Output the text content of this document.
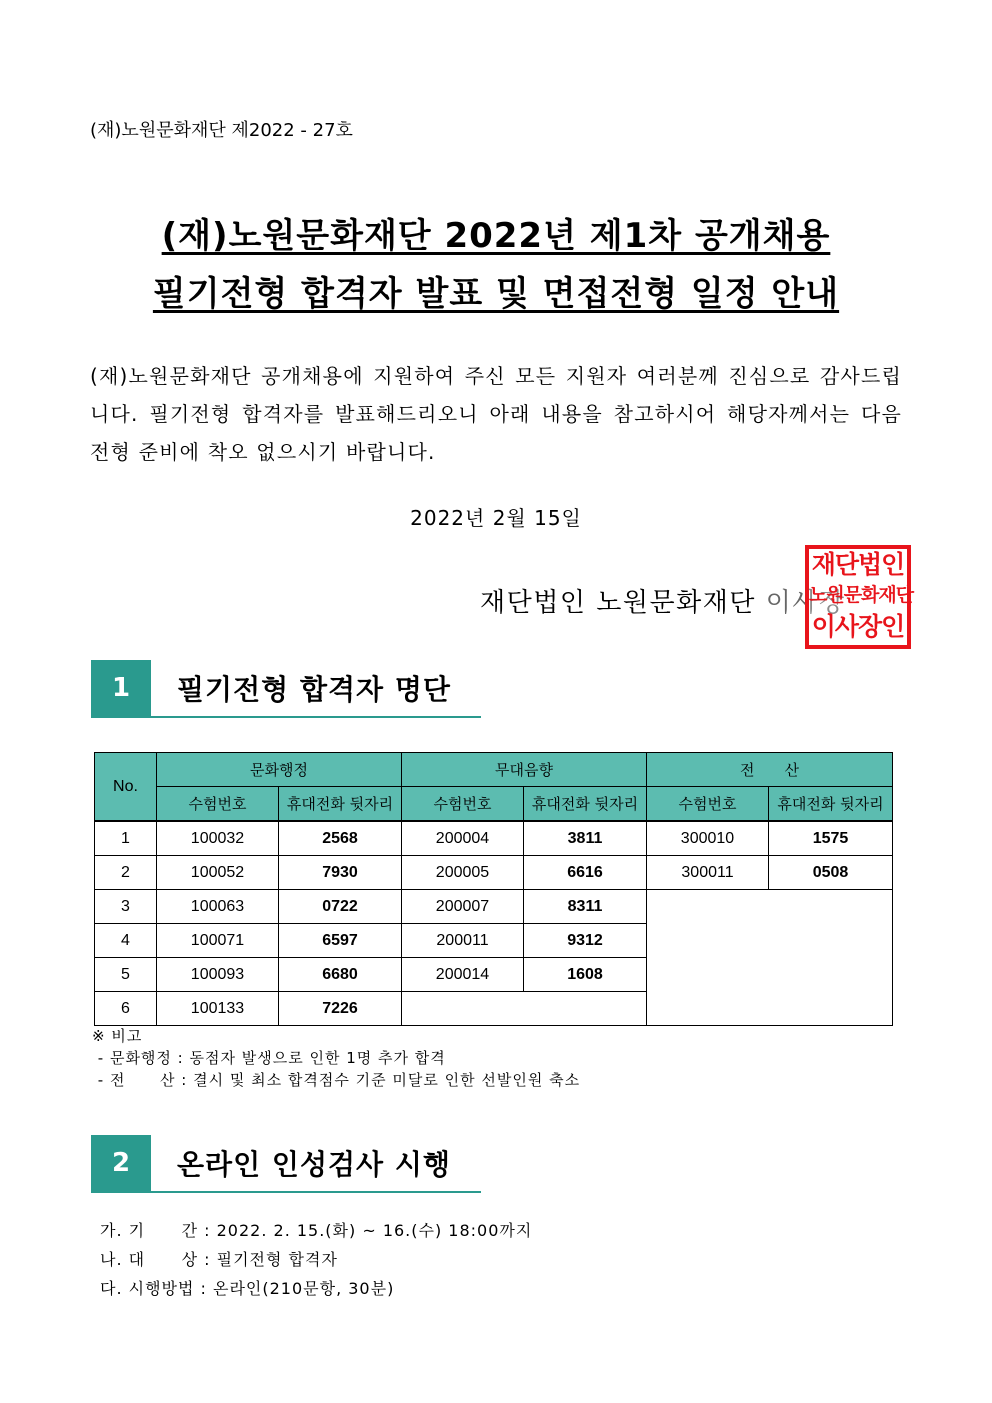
(재)노원문화재단 제2022 - 27호
(재)노원문화재단 2022년 제1차 공개채용
필기전형 합격자 발표 및 면접전형 일정 안내

(재)노원문화재단 공개채용에 지원하여 주신 모든 지원자 여러분께 진심으로 감사드립니다. 필기전형 합격자를 발표해드리오니 아래 내용을 참고하시어 해당자께서는 다음 전형 준비에 착오 없으시기 바랍니다.

2022년 2월 15일
재단법인 노원문화재단 이사장
재단법인
노원문화재단
이사장인
1	필기전형 합격자 명단
No.	문화행정		무대음향		전　　산	
	수험번호	휴대전화 뒷자리	수험번호	휴대전화 뒷자리	수험번호	휴대전화 뒷자리
1	100032	2568	200004	3811	300010	1575
2	100052	7930	200005	6616	300011	0508
3	100063	0722	200007	8311		
4	100071	6597	200011	9312		
5	100093	6680	200014	1608		
6	100133	7226				
※ 비고
- 문화행정 : 동점자 발생으로 인한 1명 추가 합격
- 전      산 : 결시 및 최소 합격점수 기준 미달로 인한 선발인원 축소
2	온라인 인성검사 시행
가. 기      간 : 2022. 2. 15.(화) ~ 16.(수) 18:00까지
나. 대      상 : 필기전형 합격자
다. 시행방법 : 온라인(210문항, 30분)
